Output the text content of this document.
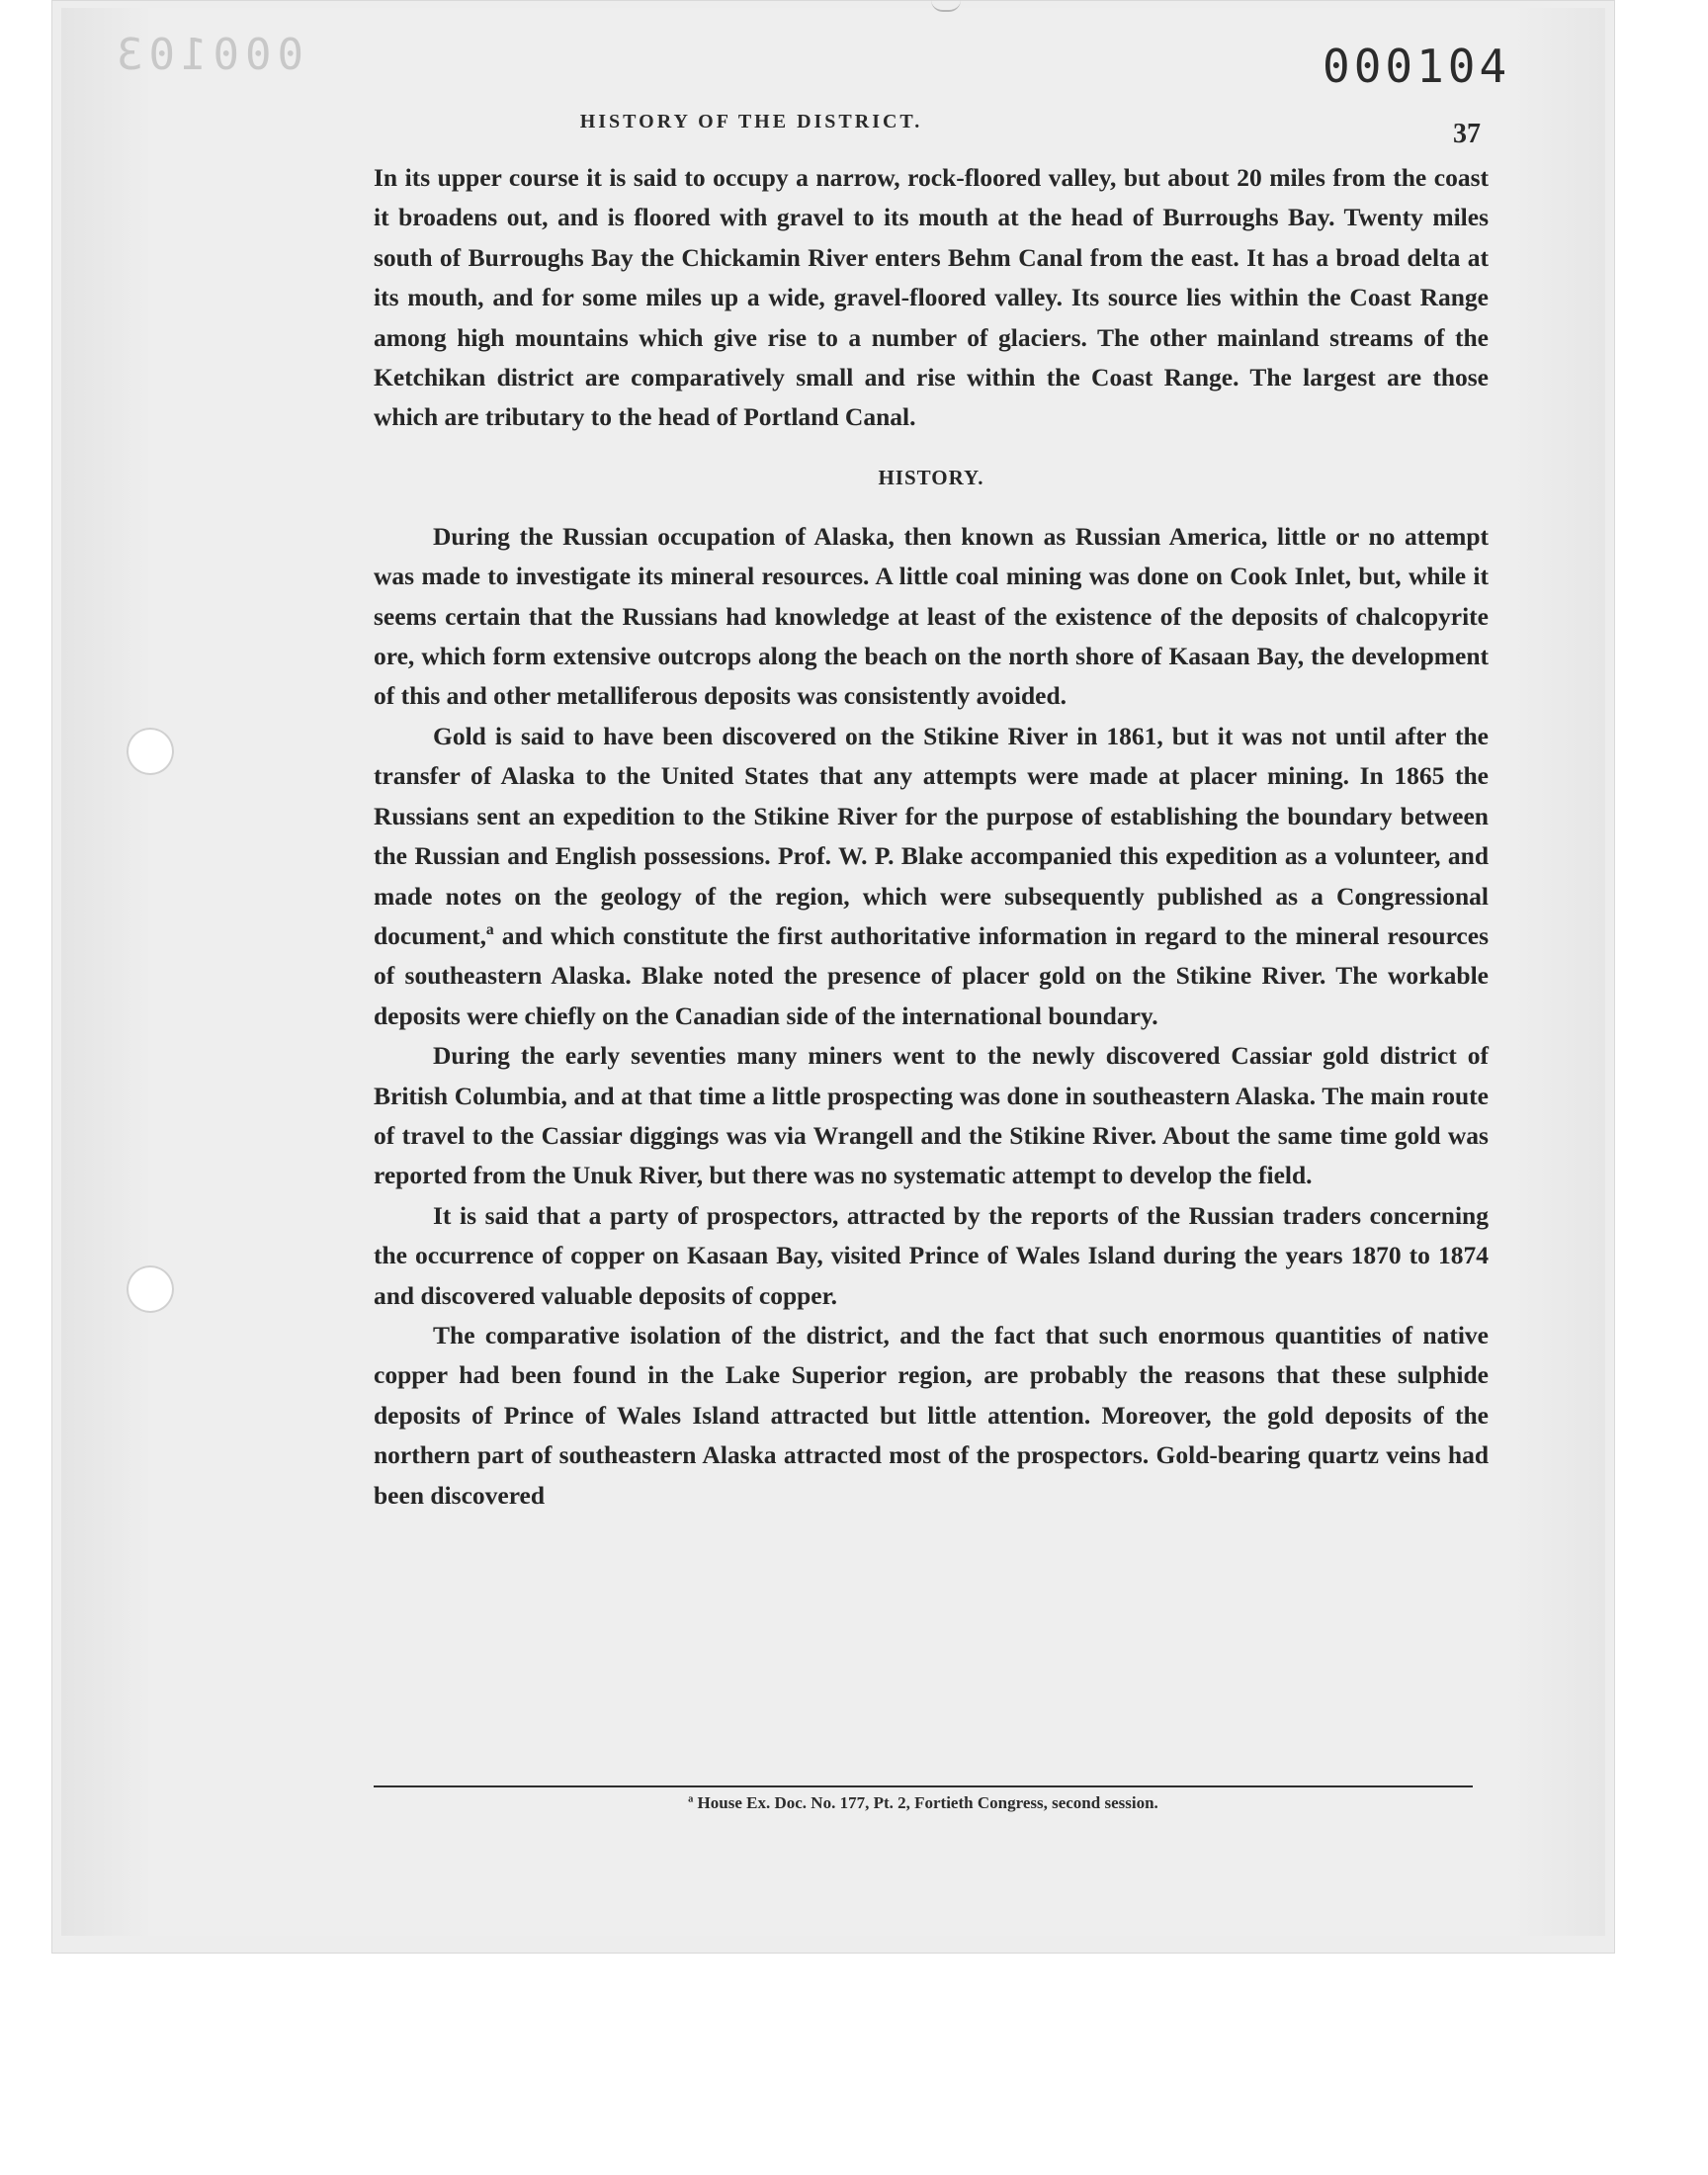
000103	000104
HISTORY OF THE DISTRICT.	37

In its upper course it is said to occupy a narrow, rock-floored valley, but about 20 miles from the coast it broadens out, and is floored with gravel to its mouth at the head of Burroughs Bay. Twenty miles south of Burroughs Bay the Chickamin River enters Behm Canal from the east. It has a broad delta at its mouth, and for some miles up a wide, gravel-floored valley. Its source lies within the Coast Range among high mountains which give rise to a number of glaciers. The other mainland streams of the Ketchikan district are comparatively small and rise within the Coast Range. The largest are those which are tributary to the head of Portland Canal.

HISTORY.

During the Russian occupation of Alaska, then known as Russian America, little or no attempt was made to investigate its mineral resources. A little coal mining was done on Cook Inlet, but, while it seems certain that the Russians had knowledge at least of the existence of the deposits of chalcopyrite ore, which form extensive outcrops along the beach on the north shore of Kasaan Bay, the development of this and other metalliferous deposits was consistently avoided.

Gold is said to have been discovered on the Stikine River in 1861, but it was not until after the transfer of Alaska to the United States that any attempts were made at placer mining. In 1865 the Russians sent an expedition to the Stikine River for the purpose of establishing the boundary between the Russian and English possessions. Prof. W. P. Blake accompanied this expedition as a volunteer, and made notes on the geology of the region, which were subsequently published as a Congressional document,ª and which constitute the first authoritative information in regard to the mineral resources of southeastern Alaska. Blake noted the presence of placer gold on the Stikine River. The workable deposits were chiefly on the Canadian side of the international boundary.

During the early seventies many miners went to the newly discovered Cassiar gold district of British Columbia, and at that time a little prospecting was done in southeastern Alaska. The main route of travel to the Cassiar diggings was via Wrangell and the Stikine River. About the same time gold was reported from the Unuk River, but there was no systematic attempt to develop the field.

It is said that a party of prospectors, attracted by the reports of the Russian traders concerning the occurrence of copper on Kasaan Bay, visited Prince of Wales Island during the years 1870 to 1874 and discovered valuable deposits of copper.

The comparative isolation of the district, and the fact that such enormous quantities of native copper had been found in the Lake Superior region, are probably the reasons that these sulphide deposits of Prince of Wales Island attracted but little attention. Moreover, the gold deposits of the northern part of southeastern Alaska attracted most of the prospectors. Gold-bearing quartz veins had been discovered

ª House Ex. Doc. No. 177, Pt. 2, Fortieth Congress, second session.
